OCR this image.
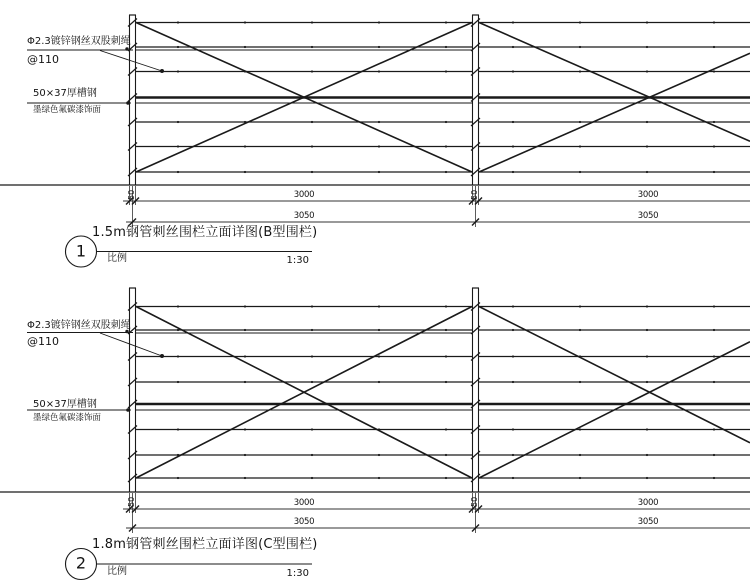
Φ2.3镀锌钢丝双股刺绳
@110
50×37厚槽钢
墨绿色氟碳漆饰面
3000	3000
3050	3050
50	50
1
1.5m钢管刺丝围栏立面详图(B型围栏)
比例	1:30
Φ2.3镀锌钢丝双股刺绳
@110
50×37厚槽钢
墨绿色氟碳漆饰面
3000	3000
3050	3050
50	50
2
1.8m钢管刺丝围栏立面详图(C型围栏)
比例	1:30
